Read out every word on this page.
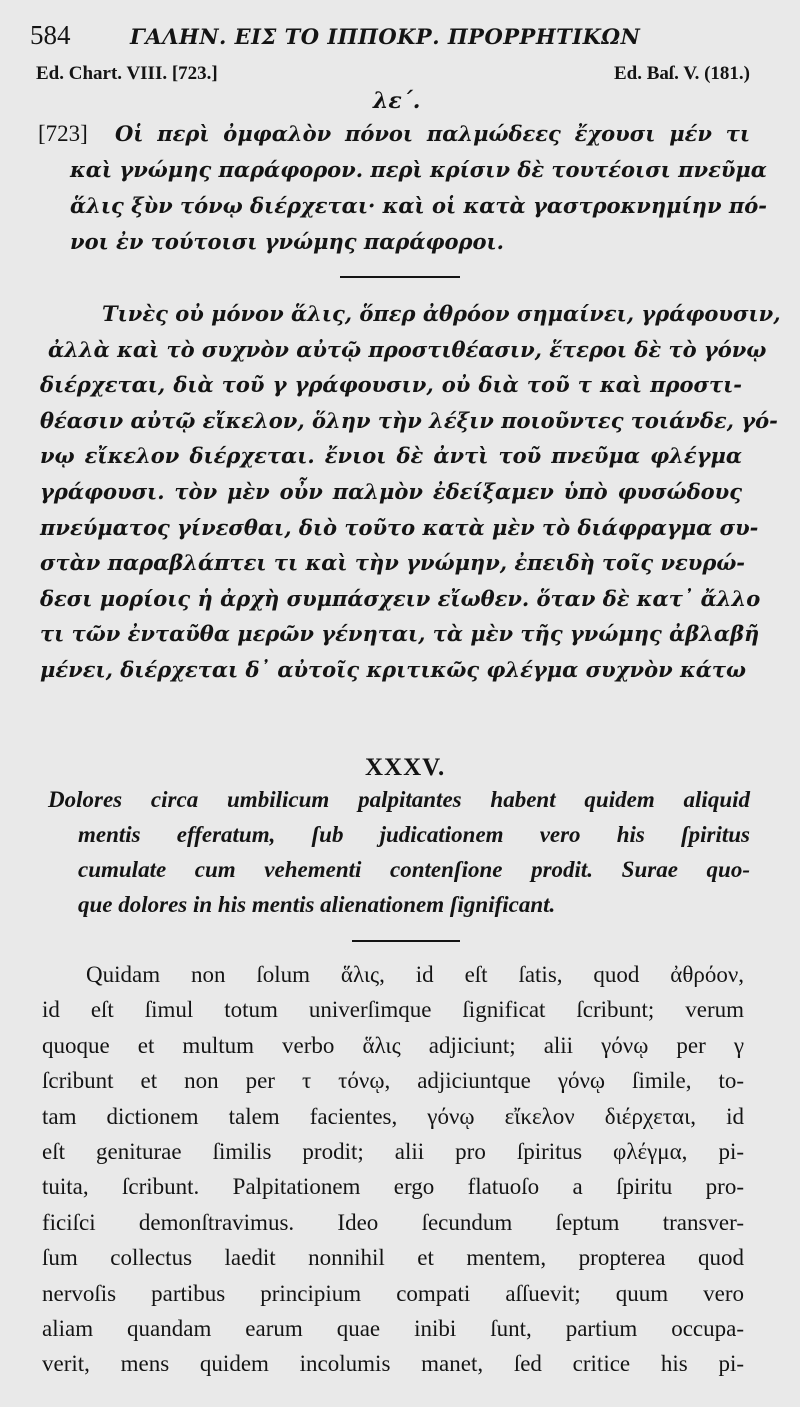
584	ΓΑΛΗΝ. ΕΙΣ ΤΟ ΙΠΠΟΚΡ. ΠΡΟΡΡΗΤΙΚΩΝ
Ed. Chart. VIII. [723.]	Ed. Baſ. V. (181.)
λε΄.
[723] Οἱ περὶ ὀμφαλὸν πόνοι παλμώδεες ἔχουσι μέν τι
καὶ γνώμης παράφορον. περὶ κρίσιν δὲ τουτέοισι πνεῦμα
ἅλις ξὺν τόνῳ διέρχεται· καὶ οἱ κατὰ γαστροκνημίην πό-
νοι ἐν τούτοισι γνώμης παράφοροι.
Τινὲς οὐ μόνον ἅλις, ὅπερ ἀθρόον σημαίνει, γράφουσιν,
ἀλλὰ καὶ τὸ συχνὸν αὐτῷ προστιθέασιν, ἕτεροι δὲ τὸ γόνῳ
διέρχεται, διὰ τοῦ γ γράφουσιν, οὐ διὰ τοῦ τ καὶ προστι-
θέασιν αὐτῷ εἴκελον, ὅλην τὴν λέξιν ποιοῦντες τοιάνδε, γό-
νῳ εἴκελον διέρχεται. ἔνιοι δὲ ἀντὶ τοῦ πνεῦμα φλέγμα
γράφουσι. τὸν μὲν οὖν παλμὸν ἐδείξαμεν ὑπὸ φυσώδους
πνεύματος γίνεσθαι, διὸ τοῦτο κατὰ μὲν τὸ διάφραγμα συ-
στὰν παραβλάπτει τι καὶ τὴν γνώμην, ἐπειδὴ τοῖς νευρώ-
δεσι μορίοις ἡ ἀρχὴ συμπάσχειν εἴωθεν. ὅταν δὲ κατ᾽ ἄλλο
τι τῶν ἐνταῦθα μερῶν γένηται, τὰ μὲν τῆς γνώμης ἀβλαβῆ
μένει, διέρχεται δ᾽ αὐτοῖς κριτικῶς φλέγμα συχνὸν κάτω
XXXV.
Dolores circa umbilicum palpitantes habent quidem aliquid
mentis efferatum, ſub judicationem vero his ſpiritus
cumulate cum vehementi contenſione prodit. Surae quo-
que dolores in his mentis alienationem ſignificant.
Quidam non ſolum ἅλις, id eſt ſatis, quod ἀθρόον,
id eſt ſimul totum univerſimque ſignificat ſcribunt; verum
quoque et multum verbo ἅλις adjiciunt; alii γόνῳ per γ
ſcribunt et non per τ τόνῳ, adjiciuntque γόνῳ ſimile, to-
tam dictionem talem facientes, γόνῳ εἴκελον διέρχεται, id
eſt geniturae ſimilis prodit; alii pro ſpiritus φλέγμα, pi-
tuita, ſcribunt. Palpitationem ergo flatuoſo a ſpiritu pro-
ficiſci demonſtravimus. Ideo ſecundum ſeptum transver-
ſum collectus laedit nonnihil et mentem, propterea quod
nervoſis partibus principium compati aſſuevit; quum vero
aliam quandam earum quae inibi ſunt, partium occupa-
verit, mens quidem incolumis manet, ſed critice his pi-
